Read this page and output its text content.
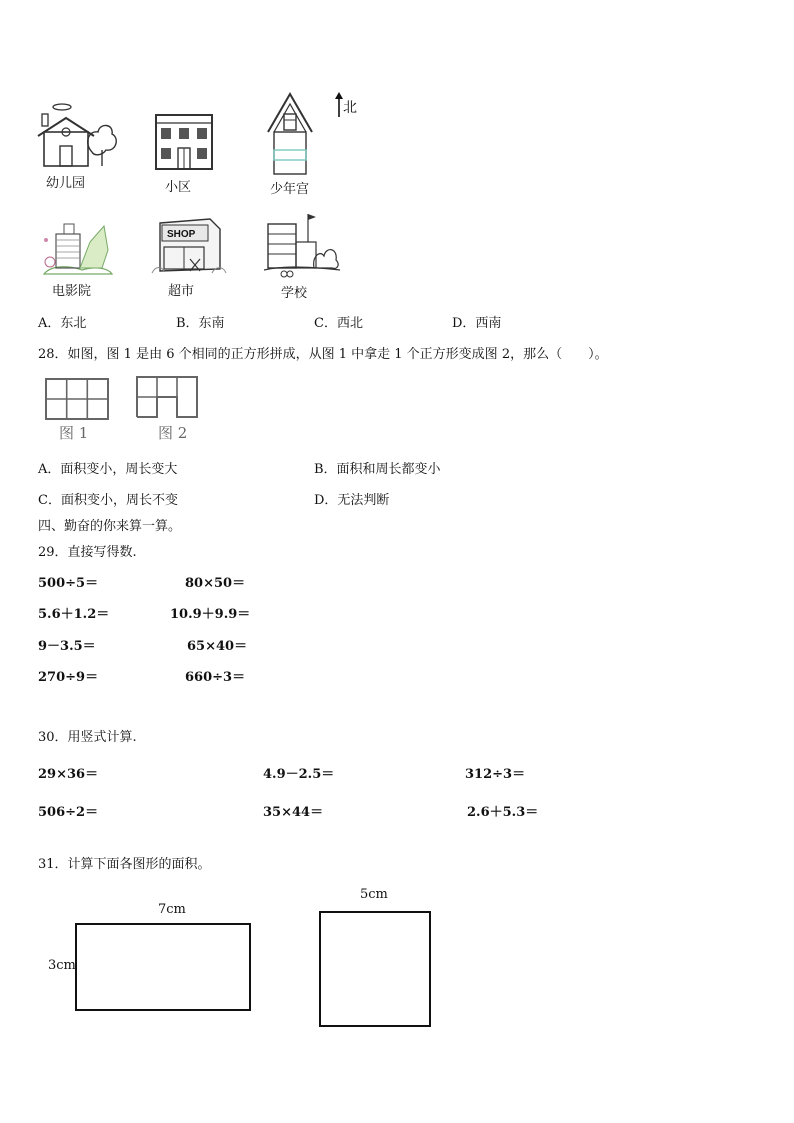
幼儿园	小区	少年宫
北
电影院
SHOP
超市	学校
A．东北	B．东南	C．西北	D．西南
28．如图，图 1 是由 6 个相同的正方形拼成，从图 1 中拿走 1 个正方形变成图 2，那么（　　）。
图 1	图 2
A．面积变小，周长变大	B．面积和周长都变小
C．面积变小，周长不变	D．无法判断
四、勤奋的你来算一算。
29．直接写得数.
500÷5＝	80×50＝
5.6＋1.2＝	10.9＋9.9＝
9－3.5＝	65×40＝
270÷9＝	660÷3＝
30．用竖式计算.
29×36＝	4.9－2.5＝	312÷3＝
506÷2＝	35×44＝	2.6＋5.3＝
31．计算下面各图形的面积。
7cm
3cm
5cm
